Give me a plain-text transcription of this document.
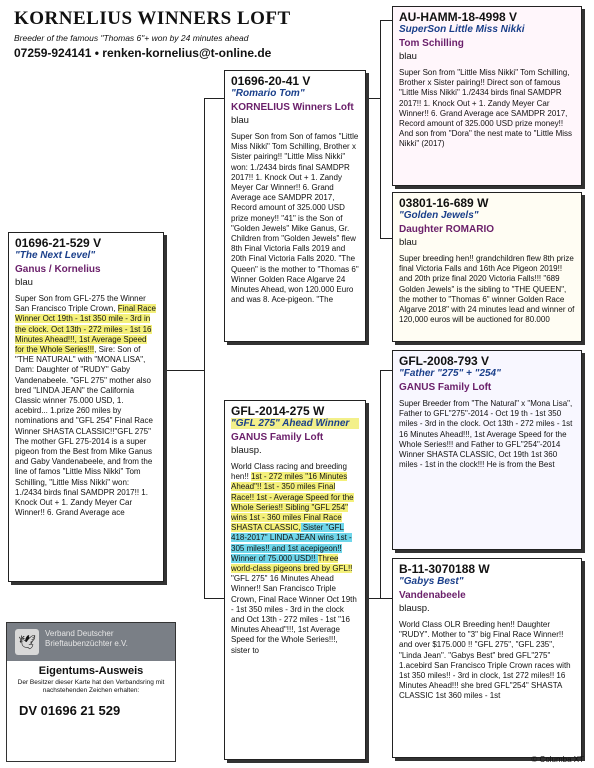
KORNELIUS WINNERS LOFT
Breeder of the famous "Thomas 6"+ won by 24 minutes ahead
07259-924141 • renken-kornelius@t-online.de
01696-21-529 V
"The Next Level"
Ganus / Kornelius
blau
Super Son from GFL-275 the Winner San Francisco Triple Crown, Final Race Winner Oct 19th - 1st 350 mile - 3rd in the clock. Oct 13th - 272 miles - 1st 16 Minutes Ahead!!!, 1st Average Speed for the Whole Series!!!, Sire: Son of "THE NATURAL" with "MONA LISA", Dam: Daughter of "RUDY" Gaby Vandenabeele. "GFL 275" mother also bred "LINDA JEAN" the California Classic winner 75.000 USD, 1. acebird... 1.prize 260 miles by nominations and "GFL 254" Final Race Winner SHASTA CLASSIC!!"GFL 275" The mother GFL 275-2014 is a super pigeon from the Best from Mike Ganus and Gaby Vandenabeele, and from the line of famos "Little Miss Nikki" Tom Schilling, "Little Miss Nikki" won: 1./2434 birds final SAMDPR 2017!! 1. Knock Out + 1. Zandy Meyer Car Winner!! 6. Grand Average ace
01696-20-41 V
"Romario Tom"
KORNELIUS Winners Loft
blau
Super Son from Son of famos "Little Miss Nikki" Tom Schilling, Brother x Sister pairing!! "Little Miss Nikki" won: 1./2434 birds final SAMDPR 2017!! 1. Knock Out + 1. Zandy Meyer Car Winner!! 6. Grand Average ace SAMDPR 2017, Record amount of 325.000 USD prize money!! "41" is the Son of "Golden Jewels" Mike Ganus, Gr. Children from "Golden Jewels" flew 8th Final Victoria Falls 2019 and 20th Final Victoria Falls 2020. "The Queen" is the mother to "Thomas 6" Winner Golden Race Algarve 24 Minutes Ahead, won 120.000 Euro and was 8. Ace-pigeon. "The
GFL-2014-275 W
"GFL 275" Ahead Winner
GANUS Family Loft
blausp.
World Class racing and breeding hen!! 1st - 272 miles "16 Minutes Ahead"!! 1st - 350 miles Final Race!! 1st - Average Speed for the Whole Series!! Sibling "GFL 254" wins 1st - 360 miles Final Race SHASTA CLASSIC, Sister "GFL 418-2017" LINDA JEAN wins 1st - 305 miles!! and 1st acepigeon!! Winner of 75.000 USD!! Three world-class pigeons bred by GFL!! "GFL 275" 16 Minutes Ahead Winner!! San Francisco Triple Crown, Final Race Winner Oct 19th - 1st 350 miles - 3rd in the clock and Oct 13th - 272 miles - 1st "16 Minutes Ahead"!!!, 1st Average Speed for the Whole Series!!!, sister to
AU-HAMM-18-4998 V
SuperSon Little Miss Nikki
Tom Schilling
blau
Super Son from "Little Miss Nikki" Tom Schilling, Brother x Sister pairing!! Direct son of famous "Little Miss Nikki" 1./2434 birds final SAMDPR 2017!! 1. Knock Out + 1. Zandy Meyer Car Winner!! 6. Grand Average ace SAMDPR 2017, Record amount of 325.000 USD prize money!! And son from "Dora" the nest mate to "Little Miss Nikki" (2017)
03801-16-689 W
"Golden Jewels"
Daughter ROMARIO
blau
Super breeding hen!! grandchildren flew 8th prize final Victoria Falls and 16th Ace Pigeon 2019!! and 20th prize final 2020 Victoria Falls!!! "689 Golden Jewels" is the sibling to "THE QUEEN", the mother to "Thomas 6" winner Golden Race Algarve 2018" with 24 minutes lead and winner of 120,000 euros will be auctioned for 80.000
GFL-2008-793 V
"Father "275" + "254"
GANUS Family Loft
Super Breeder from "The Natural" x "Mona Lisa", Father to GFL"275"-2014 - Oct 19 th - 1st 350 miles - 3rd in the clock. Oct 13th - 272 miles - 1st 16 Minutes Ahead!!!, 1st Average Speed for the Whole Series!!! and Father to GFL"254"-2014 Winner SHASTA CLASSIC, Oct 19th 1st 360 miles - 1st in the clock!!! He is from the Best
B-11-3070188 W
"Gabys Best"
Vandenabeele
blausp.
World Class OLR Breeding hen!! Daughter "RUDY". Mother to "3" big Final Race Winner!! and over $175.000 !! "GFL 275", "GFL 235", "Linda Jean". "Gabys Best" bred GFL"275" 1.acebird San Francisco Triple Crown races with 1st 350 miles!! - 3rd in clock, 1st 272 miles!! 16 Minutes Ahead!!! she bred GFL"254" SHASTA CLASSIC 1st 360 miles - 1st
🕊
Verband Deutscher Brieftaubenzüchter e.V.
Eigentums-Ausweis
Der Besitzer dieser Karte hat den Verbandsring mit nachstehenden Zeichen erhalten:
DV 01696 21 529
© Columba XT
